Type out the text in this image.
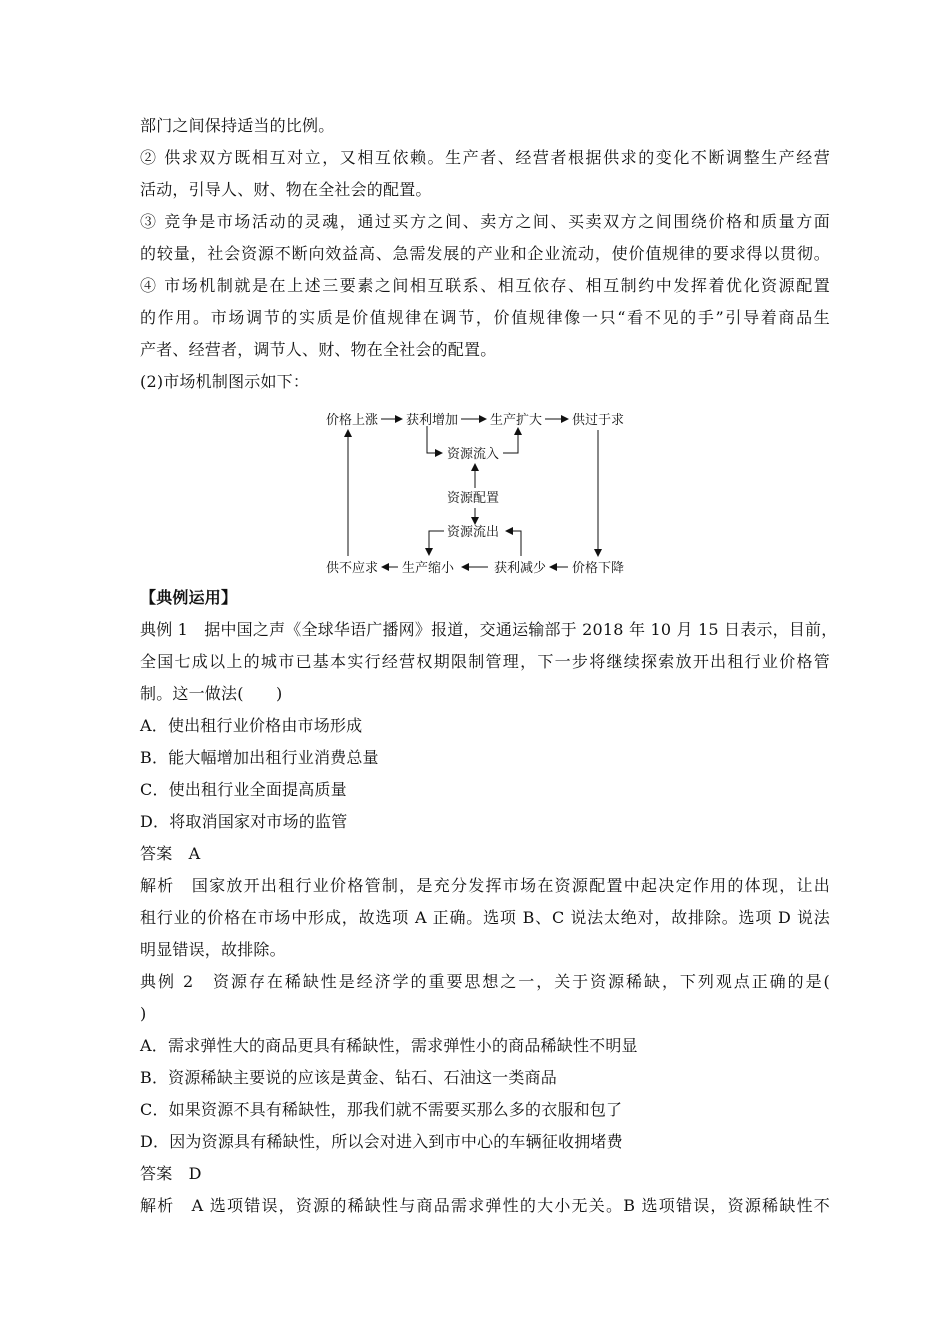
部门之间保持适当的比例。
② 供求双方既相互对立，又相互依赖。生产者、经营者根据供求的变化不断调整生产经营
活动，引导人、财、物在全社会的配置。
③ 竞争是市场活动的灵魂，通过买方之间、卖方之间、买卖双方之间围绕价格和质量方面
的较量，社会资源不断向效益高、急需发展的产业和企业流动，使价值规律的要求得以贯彻。
④ 市场机制就是在上述三要素之间相互联系、相互依存、相互制约中发挥着优化资源配置
的作用。市场调节的实质是价值规律在调节，价值规律像一只“看不见的手”引导着商品生
产者、经营者，调节人、财、物在全社会的配置。
(2)市场机制图示如下：
价格上涨 获利增加 生产扩大 供过于求
资源流入
资源配置
资源流出
供不应求 生产缩小	获利减少 价格下降
【典例运用】
典例 1　据中国之声《全球华语广播网》报道，交通运输部于 2018 年 10 月 15 日表示，目前，
全国七成以上的城市已基本实行经营权期限制管理，下一步将继续探索放开出租行业价格管
制。这一做法(　　)
A．使出租行业价格由市场形成
B．能大幅增加出租行业消费总量
C．使出租行业全面提高质量
D．将取消国家对市场的监管
答案　A
解析　国家放开出租行业价格管制，是充分发挥市场在资源配置中起决定作用的体现，让出
租行业的价格在市场中形成，故选项 A 正确。选项 B、C 说法太绝对，故排除。选项 D 说法
明显错误，故排除。
典例 2　资源存在稀缺性是经济学的重要思想之一，关于资源稀缺，下列观点正确的是(
)
A．需求弹性大的商品更具有稀缺性，需求弹性小的商品稀缺性不明显
B．资源稀缺主要说的应该是黄金、钻石、石油这一类商品
C．如果资源不具有稀缺性，那我们就不需要买那么多的衣服和包了
D．因为资源具有稀缺性，所以会对进入到市中心的车辆征收拥堵费
答案　D
解析　A 选项错误，资源的稀缺性与商品需求弹性的大小无关。B 选项错误，资源稀缺性不
